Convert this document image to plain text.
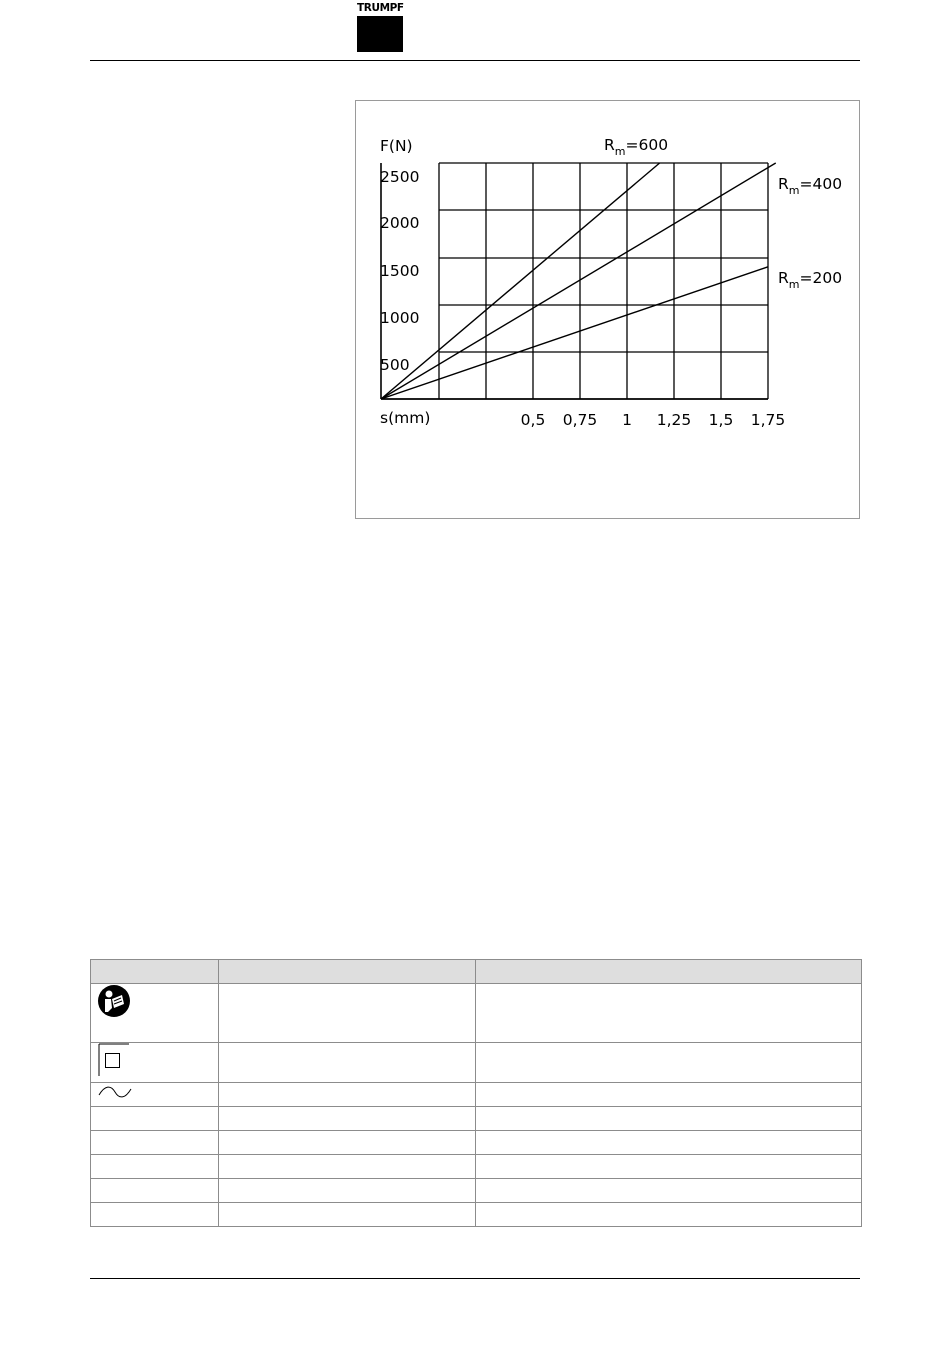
TRUMPF
500
1000
1500
2000
2500
F(N)
s(mm)	0,5 0,75 1 1,25 1,5 1,75
$R_m=600$
$R_m=400$
$R_m=200$
